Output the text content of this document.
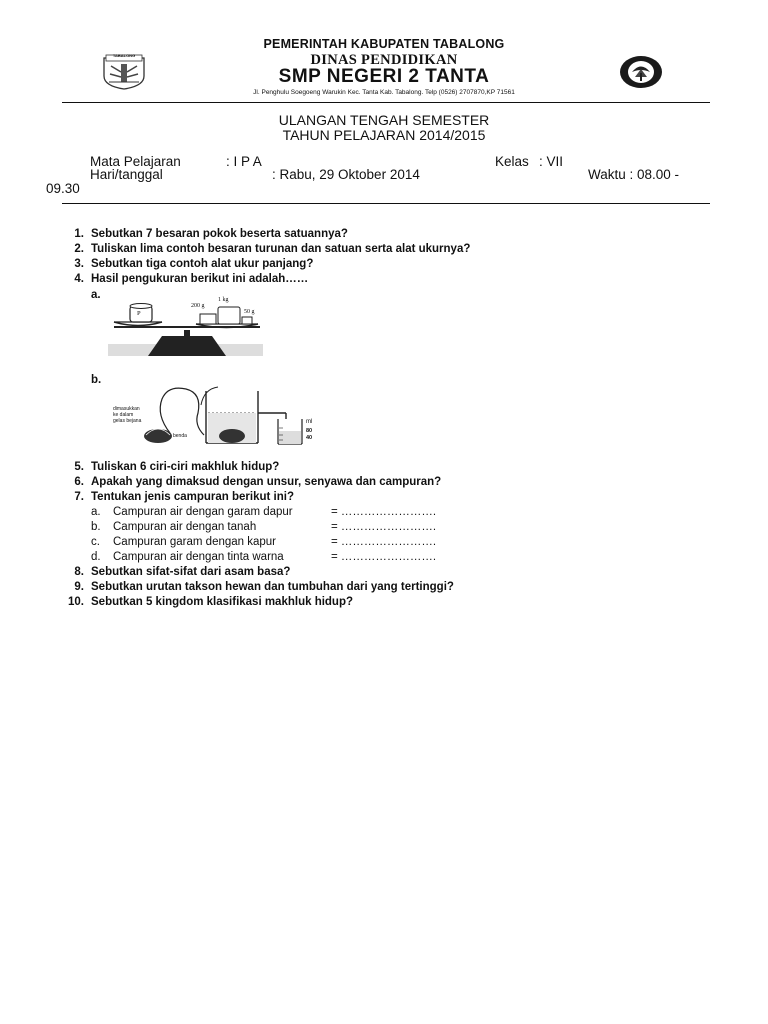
TABALONG
PEMERINTAH KABUPATEN TABALONG
DINAS PENDIDIKAN
SMP NEGERI 2 TANTA
Jl. Penghulu Soegoeng Warukin Kec. Tanta Kab. Tabalong. Telp (0526) 2707870,KP 71561
ULANGAN TENGAH SEMESTER
TAHUN PELAJARAN 2014/2015
Mata Pelajaran	: I P A	Kelas : VII
Hari/tanggal	: Rabu, 29 Oktober 2014	Waktu : 08.00 -
09.30
1. Sebutkan 7 besaran pokok beserta satuannya?
2. Tuliskan lima contoh besaran turunan dan satuan serta alat ukurnya?
3. Sebutkan tiga contoh alat ukur panjang?
4. Hasil pengukuran berikut ini adalah……
a.
b.
5. Tuliskan 6 ciri-ciri makhluk hidup?
6. Apakah yang dimaksud dengan unsur, senyawa dan campuran?
7. Tentukan jenis campuran berikut ini?
a. Campuran air dengan garam dapur	= …………………….
b. Campuran air dengan tanah	= …………………….
c. Campuran garam dengan kapur	= …………………….
d. Campuran air dengan tinta warna	= …………………….
8. Sebutkan sifat-sifat dari asam basa?
9. Sebutkan urutan takson hewan dan tumbuhan dari yang tertinggi?
10. Sebutkan 5 kingdom klasifikasi makhluk hidup?
P
200 g
1 kg
50 g
dimasukkan
ke dalam
gelas bejana
benda
ml
80
40
